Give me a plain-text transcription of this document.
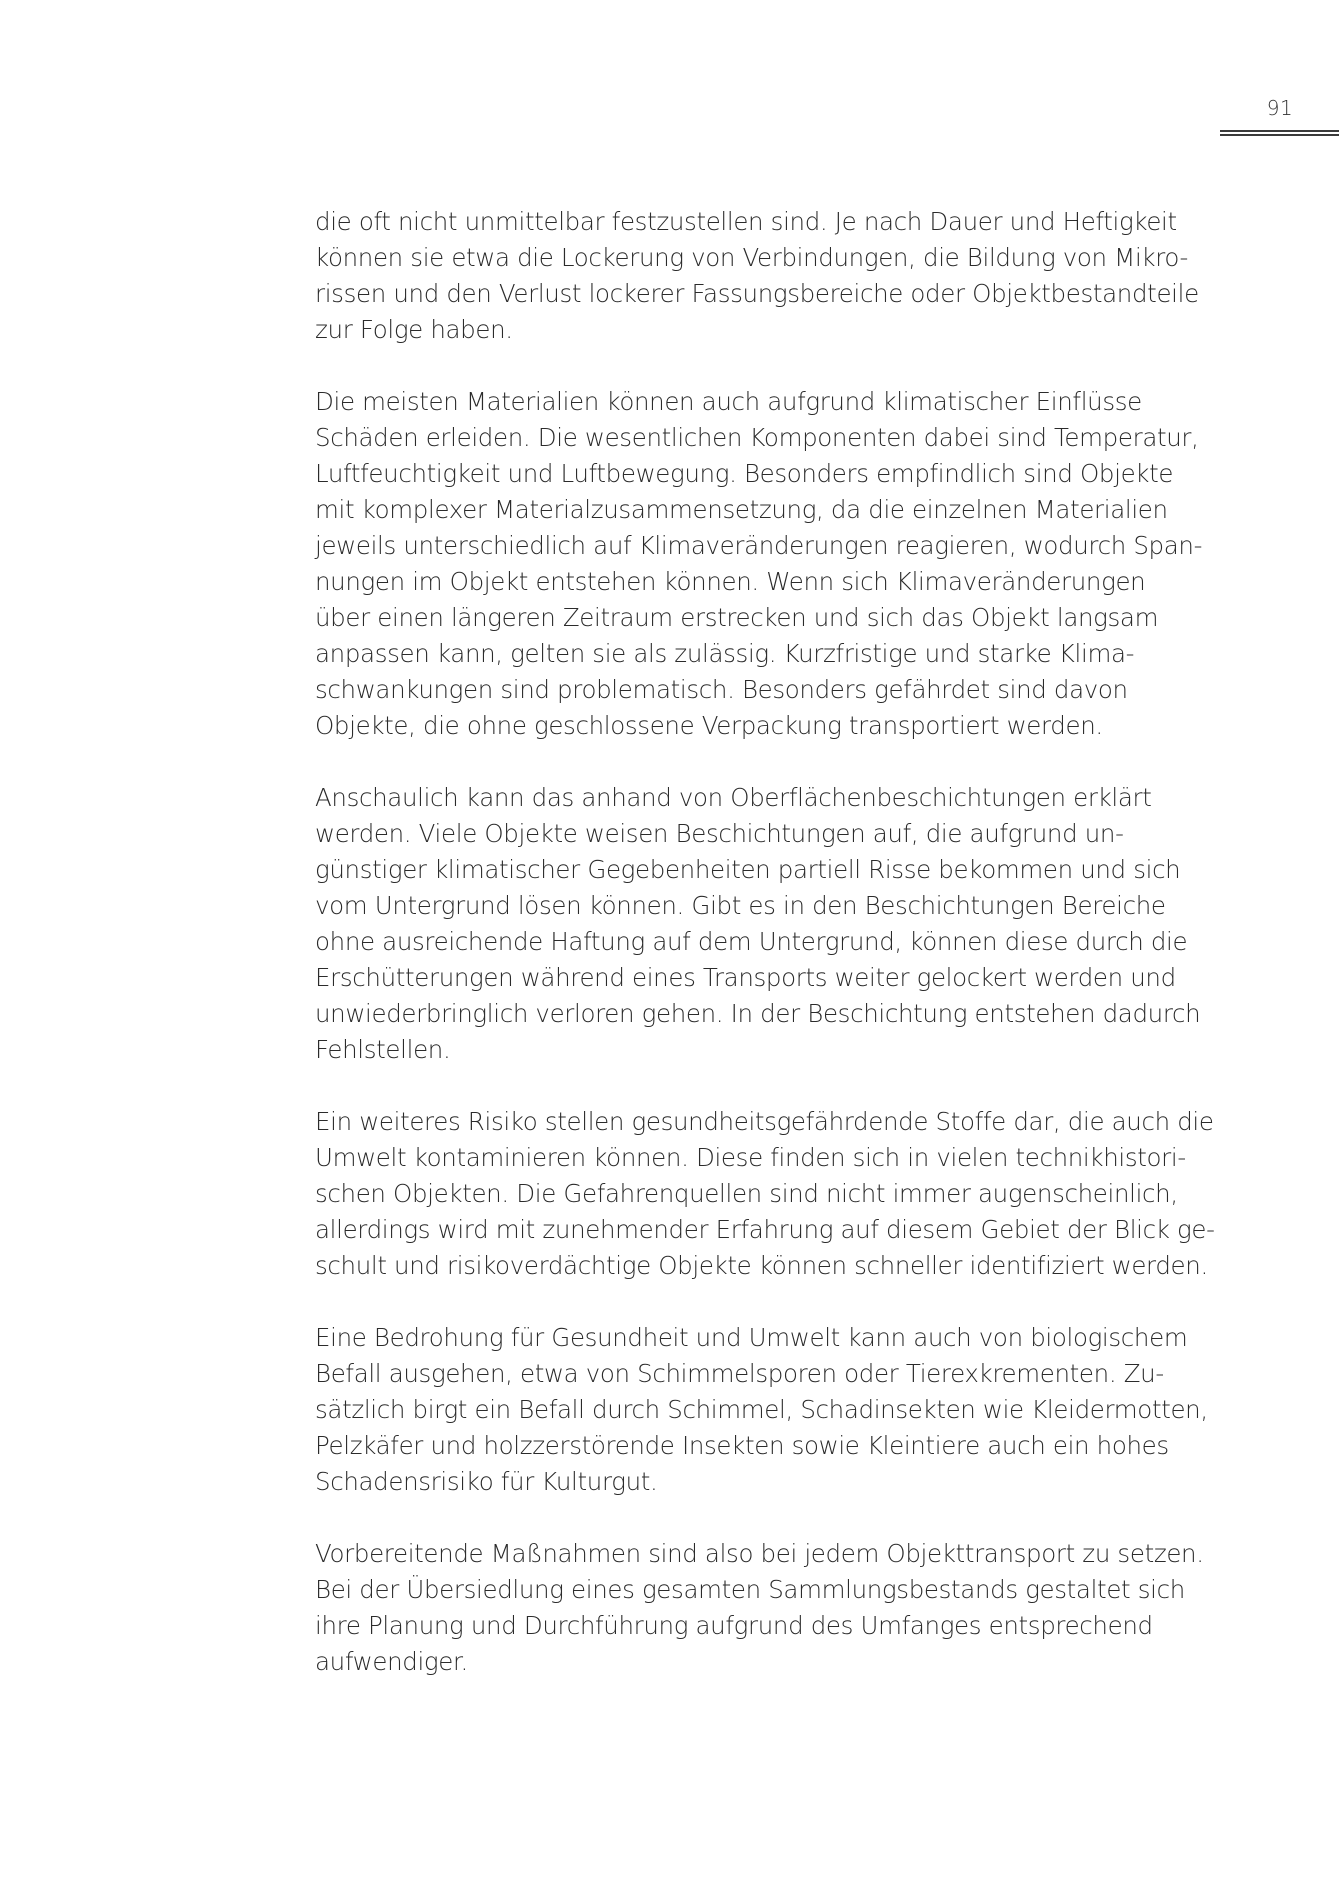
91
die oft nicht unmittelbar festzustellen sind. Je nach Dauer und Heftigkeit
können sie etwa die Lockerung von Verbindungen, die Bildung von Mikro-
rissen und den Verlust lockerer Fassungsbereiche oder Objektbestandteile
zur Folge haben.
Die meisten Materialien können auch aufgrund klimatischer Einflüsse
Schäden erleiden. Die wesentlichen Komponenten dabei sind Temperatur,
Luftfeuchtigkeit und Luftbewegung. Besonders empfindlich sind Objekte
mit komplexer Materialzusammensetzung, da die einzelnen Materialien
jeweils unterschiedlich auf Klimaveränderungen reagieren, wodurch Span-
nungen im Objekt entstehen können. Wenn sich Klimaveränderungen
über einen längeren Zeitraum erstrecken und sich das Objekt langsam
anpassen kann, gelten sie als zulässig. Kurzfristige und starke Klima-
schwankungen sind problematisch. Besonders gefährdet sind davon
Objekte, die ohne geschlossene Verpackung transportiert werden.
Anschaulich kann das anhand von Oberflächenbeschichtungen erklärt
werden. Viele Objekte weisen Beschichtungen auf, die aufgrund un-
günstiger klimatischer Gegebenheiten partiell Risse bekommen und sich
vom Untergrund lösen können. Gibt es in den Beschichtungen Bereiche
ohne ausreichende Haftung auf dem Untergrund, können diese durch die
Erschütterungen während eines Transports weiter gelockert werden und
unwiederbringlich verloren gehen. In der Beschichtung entstehen dadurch
Fehlstellen.
Ein weiteres Risiko stellen gesundheitsgefährdende Stoffe dar, die auch die
Umwelt kontaminieren können. Diese finden sich in vielen technikhistori-
schen Objekten. Die Gefahrenquellen sind nicht immer augenscheinlich,
allerdings wird mit zunehmender Erfahrung auf diesem Gebiet der Blick ge-
schult und risikoverdächtige Objekte können schneller identifiziert werden.
Eine Bedrohung für Gesundheit und Umwelt kann auch von biologischem
Befall ausgehen, etwa von Schimmelsporen oder Tierexkrementen. Zu-
sätzlich birgt ein Befall durch Schimmel, Schadinsekten wie Kleidermotten,
Pelzkäfer und holzzerstörende Insekten sowie Kleintiere auch ein hohes
Schadensrisiko für Kulturgut.
Vorbereitende Maßnahmen sind also bei jedem Objekttransport zu setzen.
Bei der Übersiedlung eines gesamten Sammlungsbestands gestaltet sich
ihre Planung und Durchführung aufgrund des Umfanges entsprechend
aufwendiger.
